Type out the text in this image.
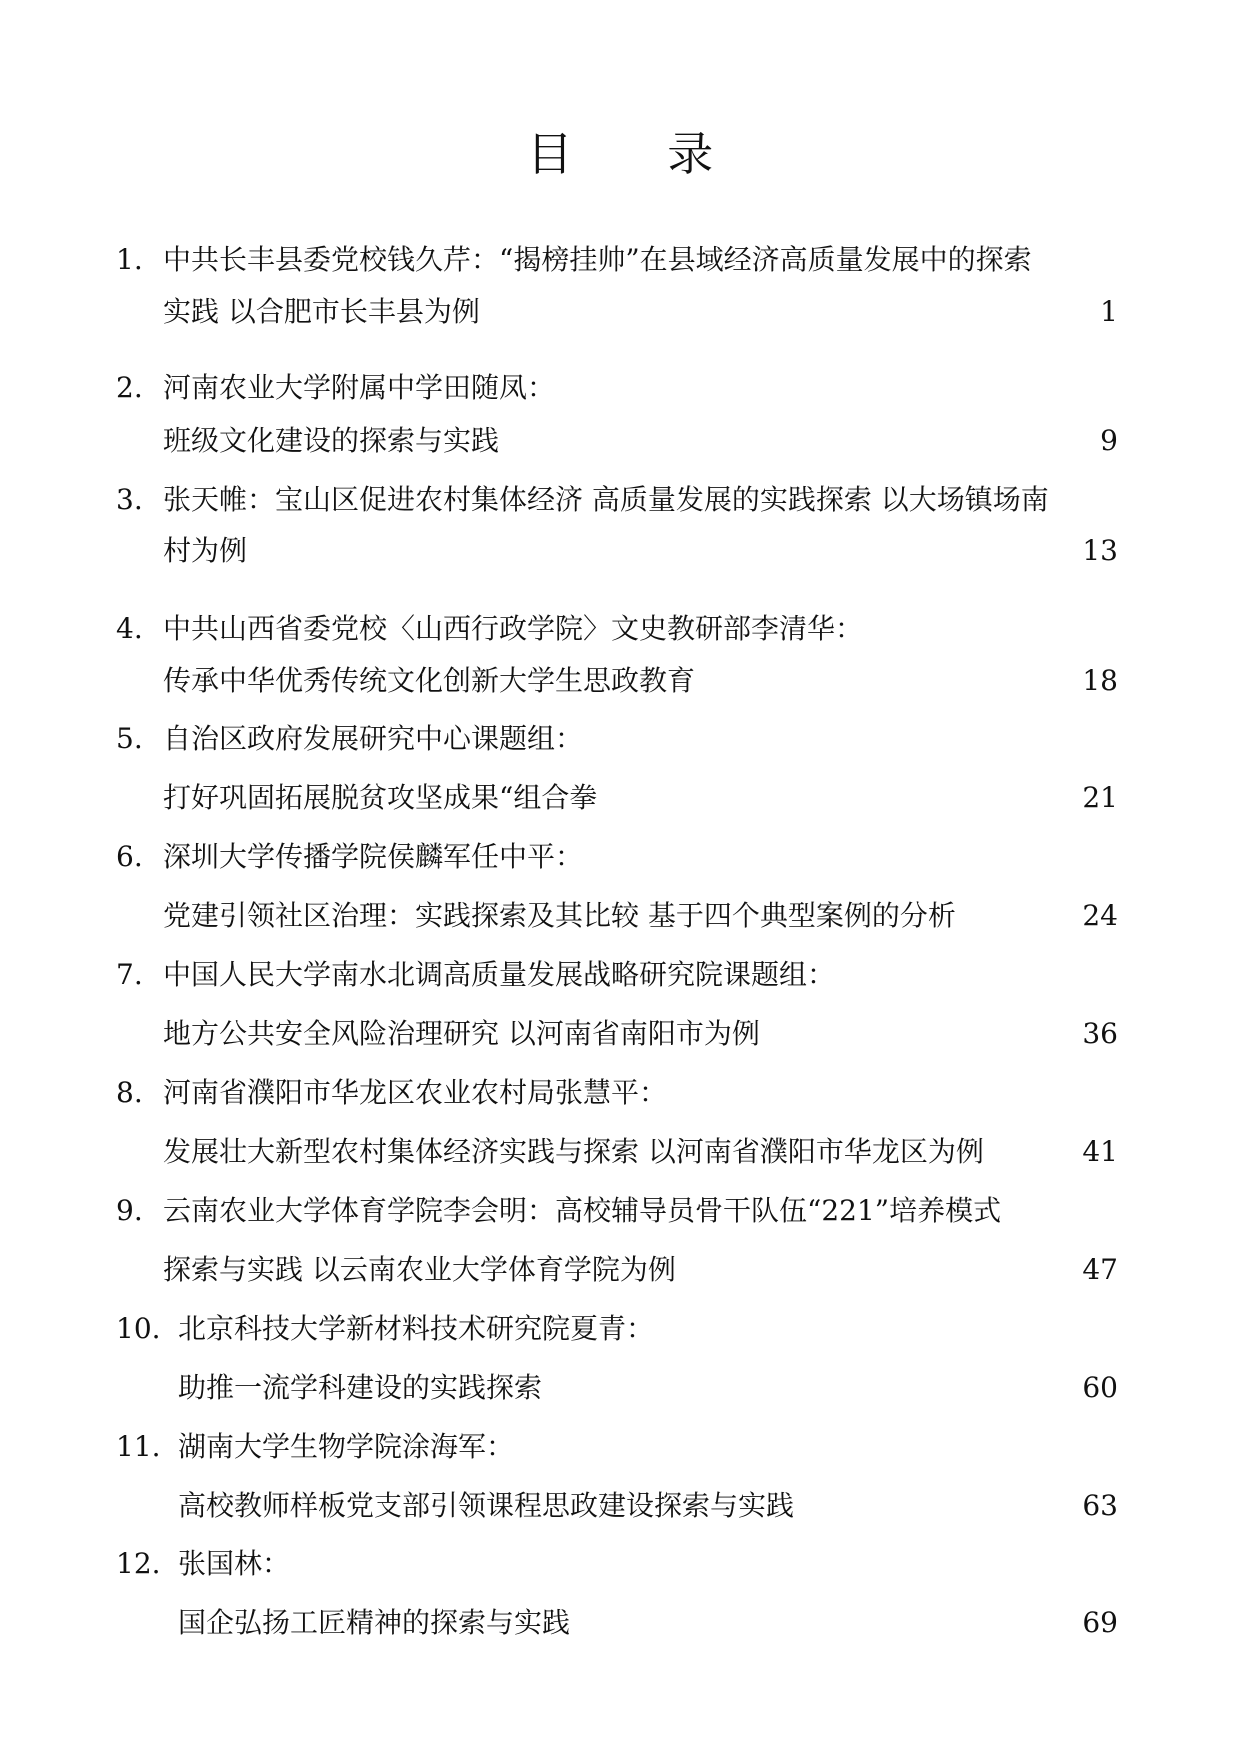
目 录
1. 中共长丰县委党校钱久芹：“揭榜挂帅”在县域经济高质量发展中的探索
实践 以合肥市长丰县为例	1
2. 河南农业大学附属中学田随凤：
班级文化建设的探索与实践	9
3. 张天帷：宝山区促进农村集体经济 高质量发展的实践探索 以大场镇场南
村为例	13
4. 中共山西省委党校〈山西行政学院〉文史教研部李清华：
传承中华优秀传统文化创新大学生思政教育	18
5. 自治区政府发展研究中心课题组：
打好巩固拓展脱贫攻坚成果“组合拳	21
6. 深圳大学传播学院侯麟军任中平：
党建引领社区治理：实践探索及其比较 基于四个典型案例的分析	24
7. 中国人民大学南水北调高质量发展战略研究院课题组：
地方公共安全风险治理研究 以河南省南阳市为例	36
8. 河南省濮阳市华龙区农业农村局张慧平：
发展壮大新型农村集体经济实践与探索 以河南省濮阳市华龙区为例	41
9. 云南农业大学体育学院李会明：高校辅导员骨干队伍“221”培养模式
探索与实践 以云南农业大学体育学院为例	47
10. 北京科技大学新材料技术研究院夏青：
助推一流学科建设的实践探索	60
11. 湖南大学生物学院涂海军：
高校教师样板党支部引领课程思政建设探索与实践	63
12. 张国林：
国企弘扬工匠精神的探索与实践	69
